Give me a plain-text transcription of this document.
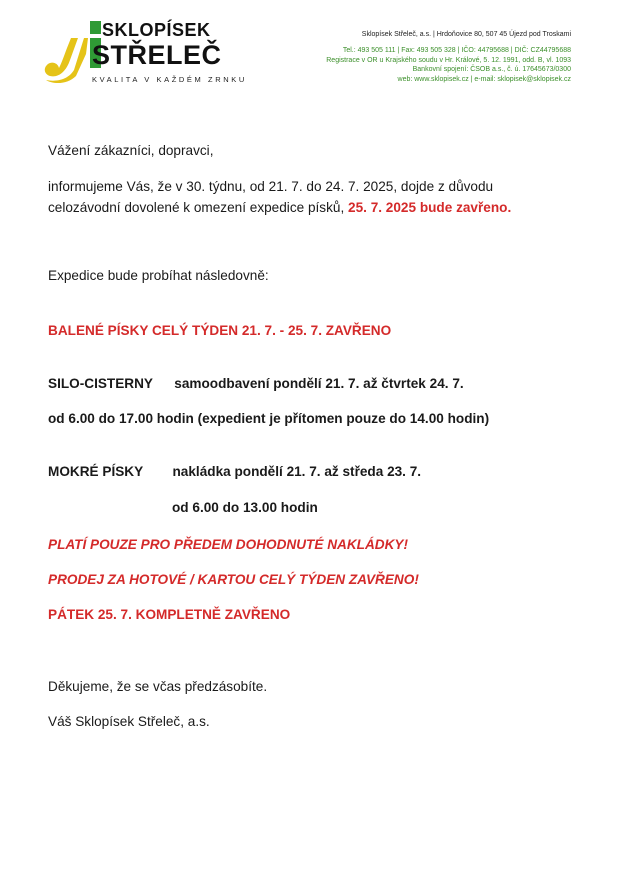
SKLOPÍSEK
STŘELEČ
KVALITA V KAŽDÉM ZRNKU
Sklopísek Střeleč, a.s. | Hrdoňovice 80, 507 45 Újezd pod Troskami
Tel.: 493 505 111 | Fax: 493 505 328 | IČO: 44795688 | DIČ: CZ44795688
Registrace v OR u Krajského soudu v Hr. Králové, 5. 12. 1991, odd. B, vl. 1093
Bankovní spojení: ČSOB a.s., č. ú. 17645673/0300
web: www.sklopisek.cz | e-mail: sklopisek@sklopisek.cz

Vážení zákazníci, dopravci,

informujeme Vás, že v 30. týdnu, od 21. 7. do 24. 7. 2025, dojde z důvodu

celozávodní dovolené k omezení expedice písků, 25. 7. 2025 bude zavřeno.

Expedice bude probíhat následovně:

BALENÉ PÍSKY CELÝ TÝDEN 21. 7. - 25. 7. ZAVŘENO

SILO-CISTERNY samoodbavení pondělí 21. 7. až čtvrtek 24. 7.

od 6.00 do 17.00 hodin (expedient je přítomen pouze do 14.00 hodin)

MOKRÉ PÍSKY nakládka pondělí 21. 7. až středa 23. 7.

od 6.00 do 13.00 hodin

PLATÍ POUZE PRO PŘEDEM DOHODNUTÉ NAKLÁDKY!

PRODEJ ZA HOTOVÉ / KARTOU CELÝ TÝDEN ZAVŘENO!

PÁTEK 25. 7. KOMPLETNĚ ZAVŘENO

Děkujeme, že se včas předzásobíte.

Váš Sklopísek Střeleč, a.s.
